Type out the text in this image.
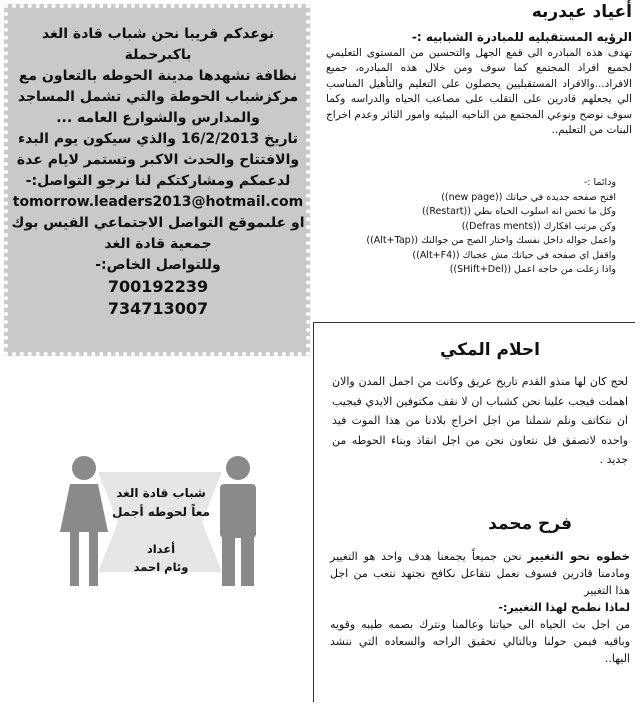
نوعدكم قريبا نحن شباب قادة الغد باكبرحملة
نظافة تشهدها مدينة الحوطه بالتعاون مع
مركزشباب الحوطة والتي تشمل المساجد
والمدارس والشوارع العامه ...
تاريخ 16/2/2013 والذي سيكون يوم البدء
والافتتاح والحدث الاكبر وتستمر لايام عدة
لدعمكم ومشاركتكم لنا نرجو التواصل:-
tomorrow.leaders2013@hotmail.com
او علىموقع التواصل الاجتماعي الفيس بوك
جمعية قادة الغد
وللتواصل الخاص:-
700192239
734713007
أعياد عيدربه
الرؤيه المستقبليه للمبادرة الشبابيه :-
تهدف هذه المبادره الى قمع الجهل والتحسين من المستوى التعليمي لجميع افراد المجتمع كما سوف ومن خلال هذه المبادره، جميع الافراد...والافراد المستقبليين يحصلون على التعليم والتأهيل المناسب الي يجعلهم قادرين على التقلب على مصاعب الحياه والدراسه وكما سوف نوضح ونوعي المجتمع من الناحيه البيئيه وامور الثائر وعدم اخراج البنات من التعليم..
ودائما :-
افتح صفحه جديده في حياتك ((new page))
وكل ما تحس انه اسلوب الحياه بطي ((Restart))
وكن مرتب افكارك ((Defras ments))
واعمل جواله داخل نفسك واختار الصح من جوالتك ((Alt+Tap))
واقفل اي صفحه في حياتك مش عجباك ((Alt+F4))
واذا زعلت من حاجه اعمل ((SHift+Del))
احلام المكي
لحج كان لها منذو القدم تاريخ عريق وكانت من اجمل المدن والان اهملت فيجب علينا نحن كشباب ان لا نقف مكتوفين الايدي فيجيب ان نتكاتف ونلم شملنا من اجل اخراج بلادنا من هذا الموت فيد واحده لاتصفق فل نتعاون نحن من اجل انقاذ وبناء الحوطه من جديد .
فرح محمد
خطوه نحو التغيير نحن جميعاً يجمعنا هدف واحد هو التغيير ومادمنا قادرين فسوف نعمل نتقاعل نكافح نجتهد نتعب من اجل هذا التغيير
لماذا نطمح لهذا التغيير:-
من اجل بث الحياه الى حياتنا وعالمنا ونترك بصمه طيبه وقويه وباقيه فيمن حولنا وبالتالي تحقيق الراحه والسعاده التي ننشد اليها..
شباب قادة الغد
معاً لحوطه أجمل
أعداد
وئام احمد
